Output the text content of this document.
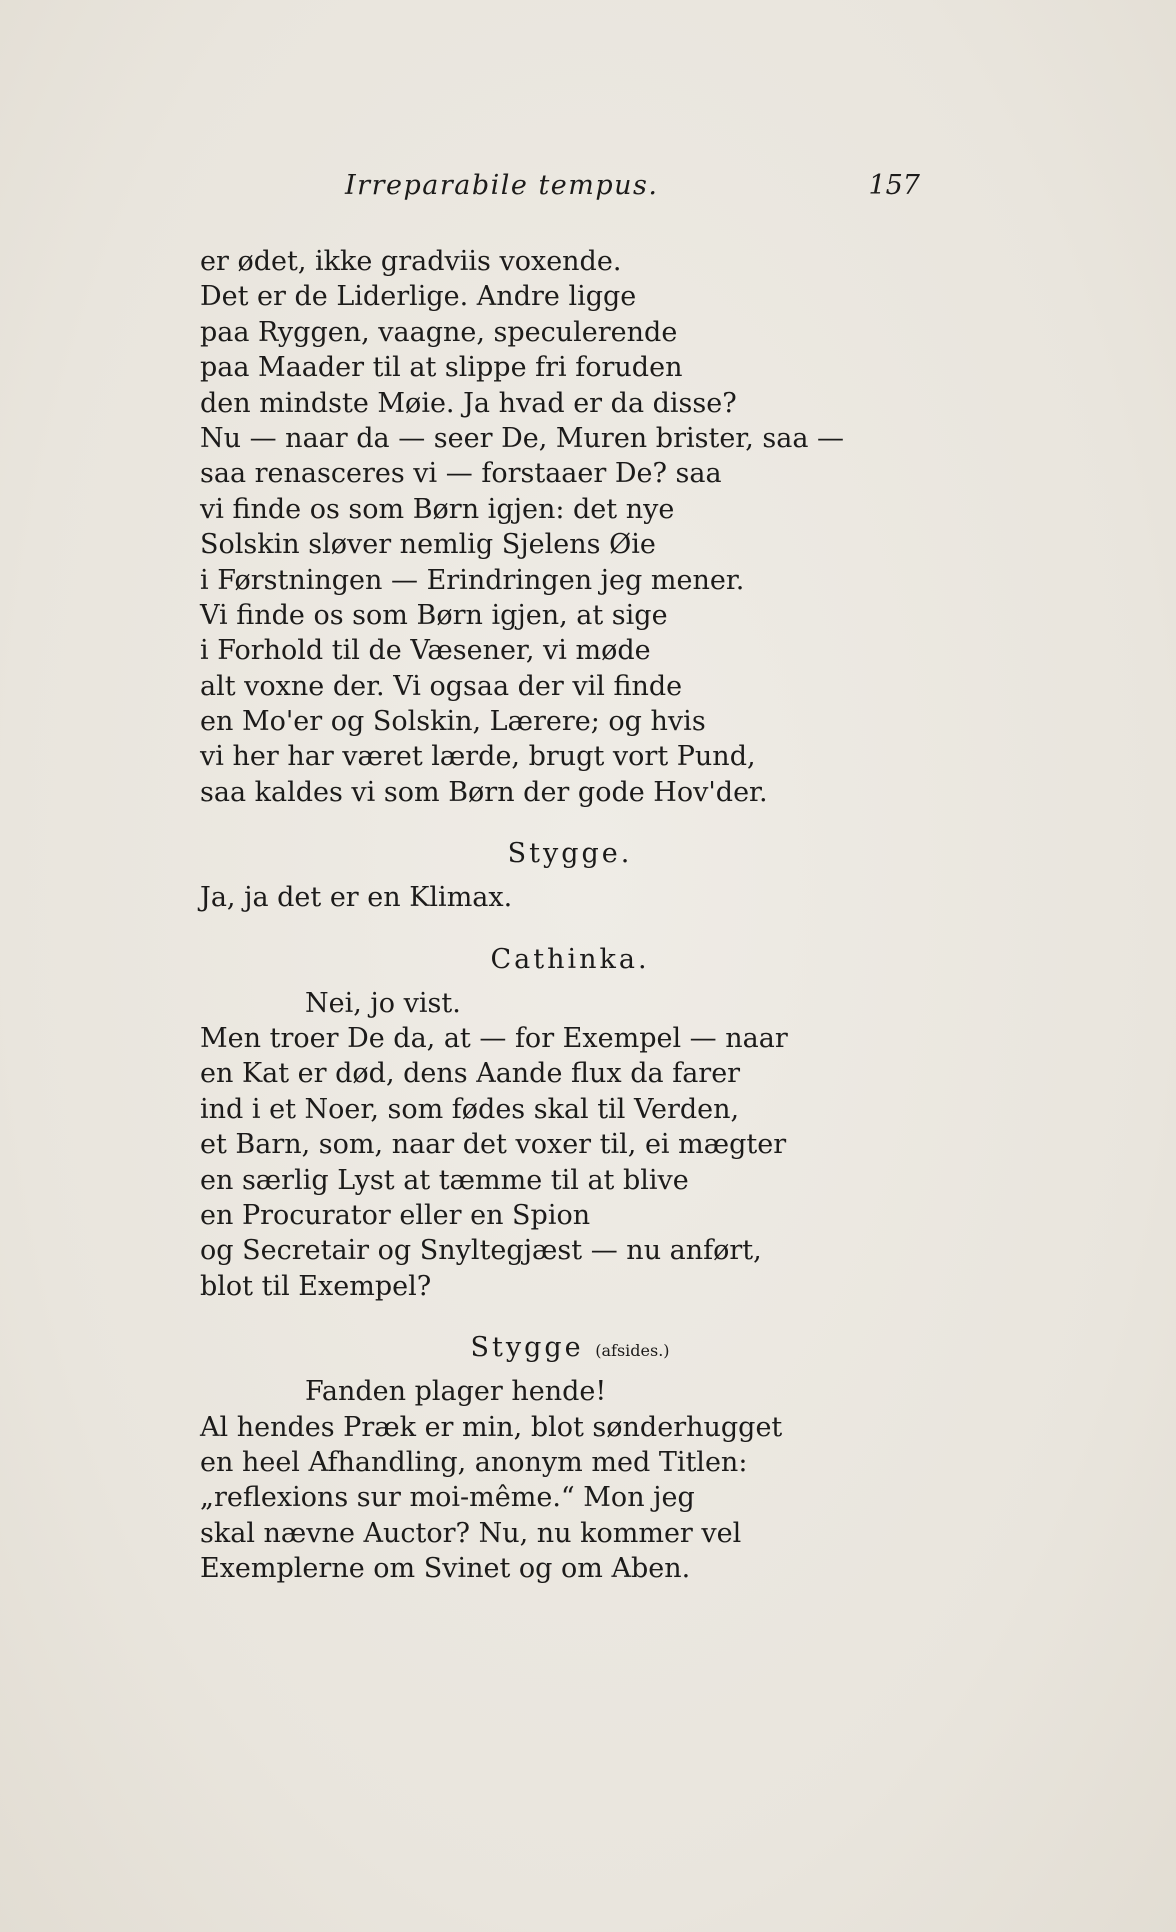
Irreparabile tempus.	157
er ødet, ikke gradviis voxende.
Det er de Liderlige. Andre ligge
paa Ryggen, vaagne, speculerende
paa Maader til at slippe fri foruden
den mindste Møie. Ja hvad er da disse?
Nu — naar da — seer De, Muren brister, saa —
saa renasceres vi — forstaaer De? saa
vi finde os som Børn igjen: det nye
Solskin sløver nemlig Sjelens Øie
i Førstningen — Erindringen jeg mener.
Vi finde os som Børn igjen, at sige
i Forhold til de Væsener, vi møde
alt voxne der. Vi ogsaa der vil finde
en Mo'er og Solskin, Lærere; og hvis
vi her har været lærde, brugt vort Pund,
saa kaldes vi som Børn der gode Hov'der.
Stygge.
Ja, ja det er en Klimax.
Cathinka.
Nei, jo vist.
Men troer De da, at — for Exempel — naar
en Kat er død, dens Aande flux da farer
ind i et Noer, som fødes skal til Verden,
et Barn, som, naar det voxer til, ei mægter
en særlig Lyst at tæmme til at blive
en Procurator eller en Spion
og Secretair og Snyltegjæst — nu anført,
blot til Exempel?
Stygge (afsides.)
Fanden plager hende!
Al hendes Præk er min, blot sønderhugget
en heel Afhandling, anonym med Titlen:
„reflexions sur moi-même.“ Mon jeg
skal nævne Auctor? Nu, nu kommer vel
Exemplerne om Svinet og om Aben.
